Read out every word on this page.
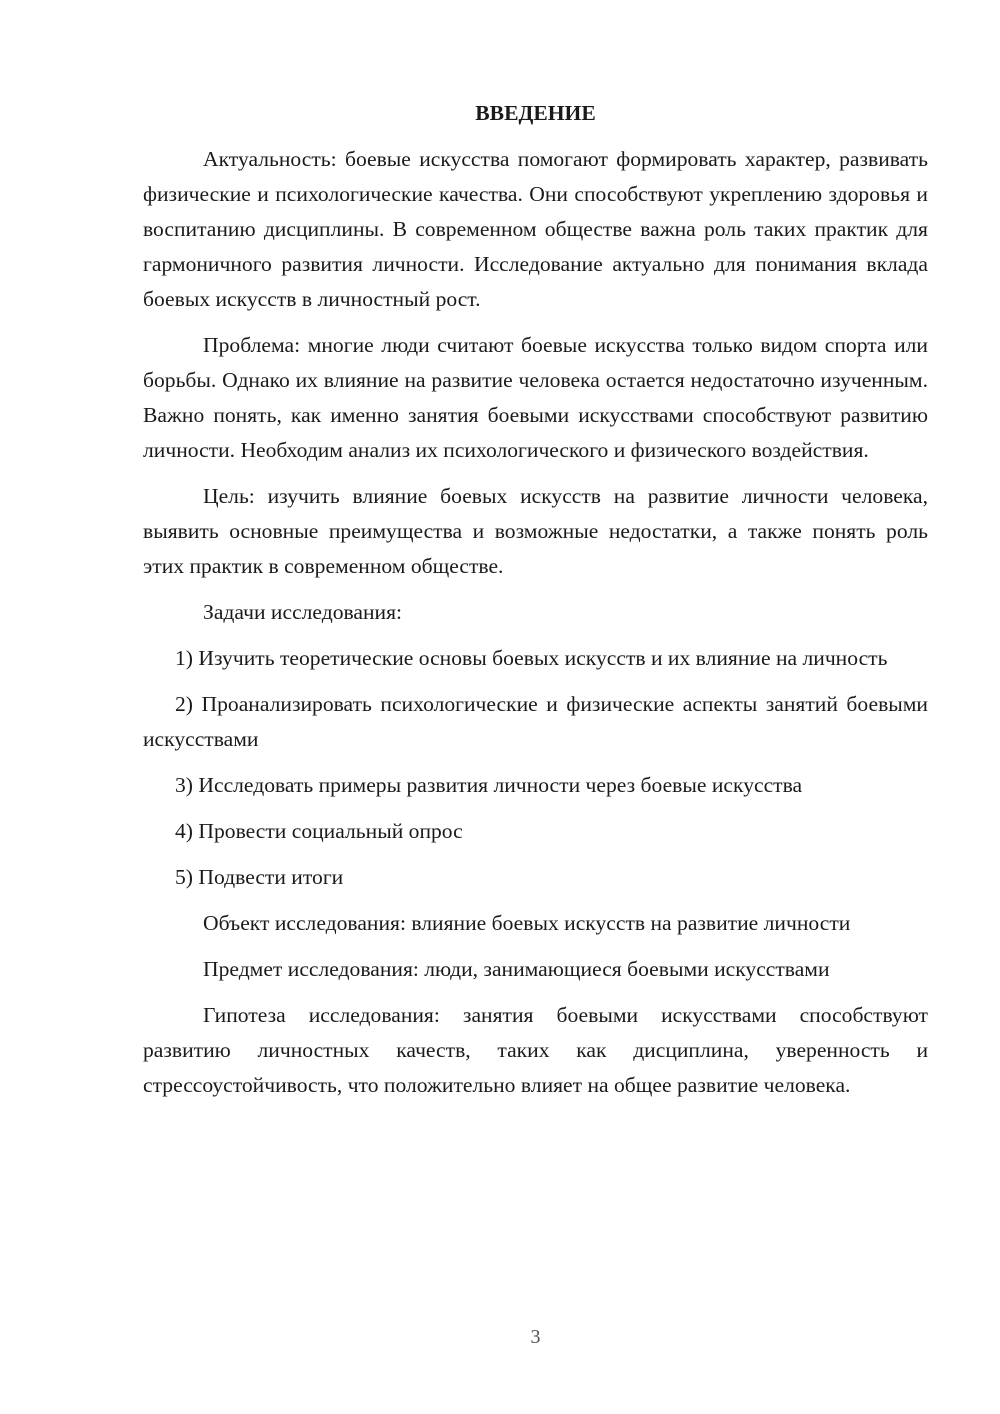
ВВЕДЕНИЕ

Актуальность: боевые искусства помогают формировать характер, развивать физические и психологические качества. Они способствуют укреплению здоровья и воспитанию дисциплины. В современном обществе важна роль таких практик для гармоничного развития личности. Исследование актуально для понимания вклада боевых искусств в личностный рост.

Проблема: многие люди считают боевые искусства только видом спорта или борьбы. Однако их влияние на развитие человека остается недостаточно изученным. Важно понять, как именно занятия боевыми искусствами способствуют развитию личности. Необходим анализ их психологического и физического воздействия.

Цель: изучить влияние боевых искусств на развитие личности человека, выявить основные преимущества и возможные недостатки, а также понять роль этих практик в современном обществе.

Задачи исследования:

1) Изучить теоретические основы боевых искусств и их влияние на личность

2) Проанализировать психологические и физические аспекты занятий боевыми искусствами

3) Исследовать примеры развития личности через боевые искусства

4) Провести социальный опрос

5) Подвести итоги

Объект исследования: влияние боевых искусств на развитие личности

Предмет исследования: люди, занимающиеся боевыми искусствами

Гипотеза исследования: занятия боевыми искусствами способствуют развитию личностных качеств, таких как дисциплина, уверенность и стрессоустойчивость, что положительно влияет на общее развитие человека.

3
